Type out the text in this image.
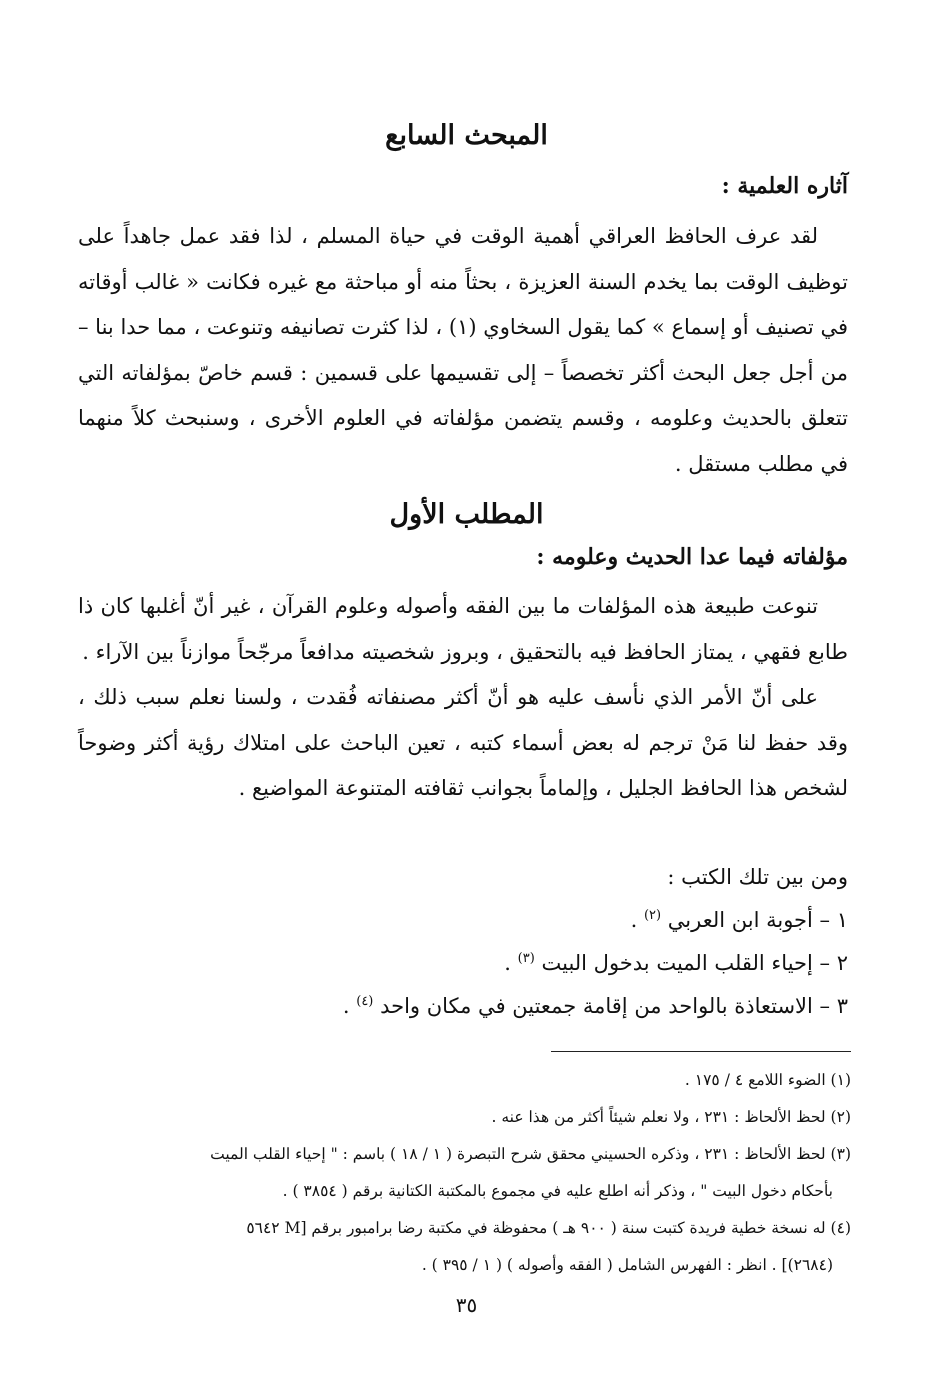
المبحث السابع
آثاره العلمية :

لقد عرف الحافظ العراقي أهمية الوقت في حياة المسلم ، لذا فقد عمل جاهداً على توظيف الوقت بما يخدم السنة العزيزة ، بحثاً منه أو مباحثة مع غيره فكانت « غالب أوقاته في تصنيف أو إسماع » كما يقول السخاوي (١) ، لذا كثرت تصانيفه وتنوعت ، مما حدا بنا – من أجل جعل البحث أكثر تخصصاً – إلى تقسيمها على قسمين : قسم خاصّ بمؤلفاته التي تتعلق بالحديث وعلومه ، وقسم يتضمن مؤلفاته في العلوم الأخرى ، وسنبحث كلاً منهما في مطلب مستقل .

المطلب الأول
مؤلفاته فيما عدا الحديث وعلومه :

تنوعت طبيعة هذه المؤلفات ما بين الفقه وأصوله وعلوم القرآن ، غير أنّ أغلبها كان ذا طابع فقهي ، يمتاز الحافظ فيه بالتحقيق ، وبروز شخصيته مدافعاً مرجّحاً موازناً بين الآراء .

على أنّ الأمر الذي نأسف عليه هو أنّ أكثر مصنفاته فُقدت ، ولسنا نعلم سبب ذلك ، وقد حفظ لنا مَنْ ترجم له بعض أسماء كتبه ، تعين الباحث على امتلاك رؤية أكثر وضوحاً لشخص هذا الحافظ الجليل ، وإلماماً بجوانب ثقافته المتنوعة المواضيع .

ومن بين تلك الكتب :
١ – أجوبة ابن العربي $^{(٢)}$ .
٢ – إحياء القلب الميت بدخول البيت $^{(٣)}$ .
٣ – الاستعاذة بالواحد من إقامة جمعتين في مكان واحد $^{(٤)}$ .
(١) الضوء اللامع ٤ / ١٧٥ .
(٢) لحظ الألحاظ : ٢٣١ ، ولا نعلم شيئاً أكثر من هذا عنه .
(٣) لحظ الألحاظ : ٢٣١ ، وذكره الحسيني محقق شرح التبصرة ( ١ / ١٨ ) باسم : " إحياء القلب الميت
بأحكام دخول البيت " ، وذكر أنه اطلع عليه في مجموع بالمكتبة الكتانية برقم ( ٣٨٥٤ ) .
(٤) له نسخة خطية فريدة كتبت سنة ( ٩٠٠ هـ ) محفوظة في مكتبة رضا برامبور برقم [M ٥٦٤٢
(٢٦٨٤)] . انظر : الفهرس الشامل ( الفقه وأصوله ) ( ١ / ٣٩٥ ) .
٣٥
